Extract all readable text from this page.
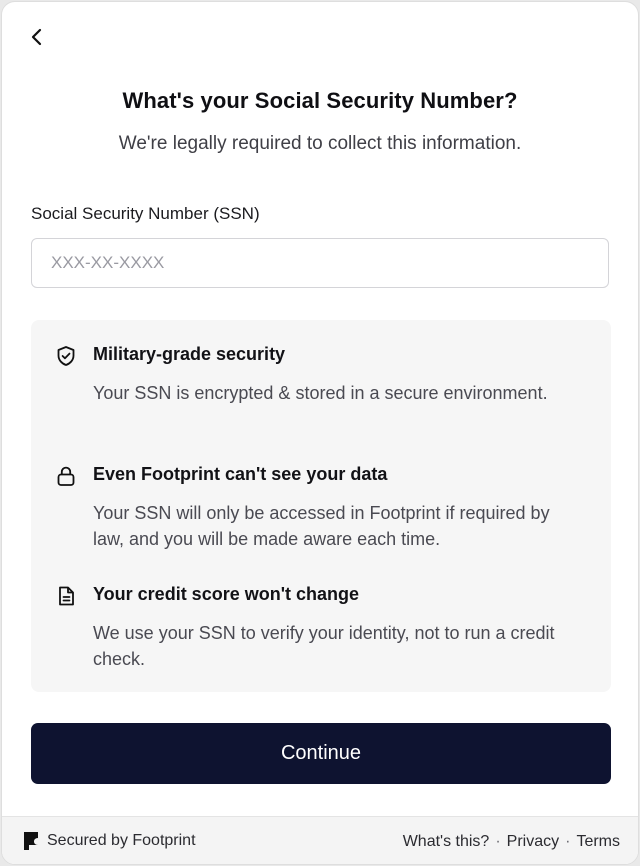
What's your Social Security Number?
We're legally required to collect this information.
Social Security Number (SSN)
XXX-XX-XXXX
Military-grade security
Your SSN is encrypted & stored in a secure environment.
Even Footprint can't see your data
Your SSN will only be accessed in Footprint if required by law, and you will be made aware each time.
Your credit score won't change
We use your SSN to verify your identity, not to run a credit check.
Continue
Secured by Footprint	What's this? · Privacy · Terms
